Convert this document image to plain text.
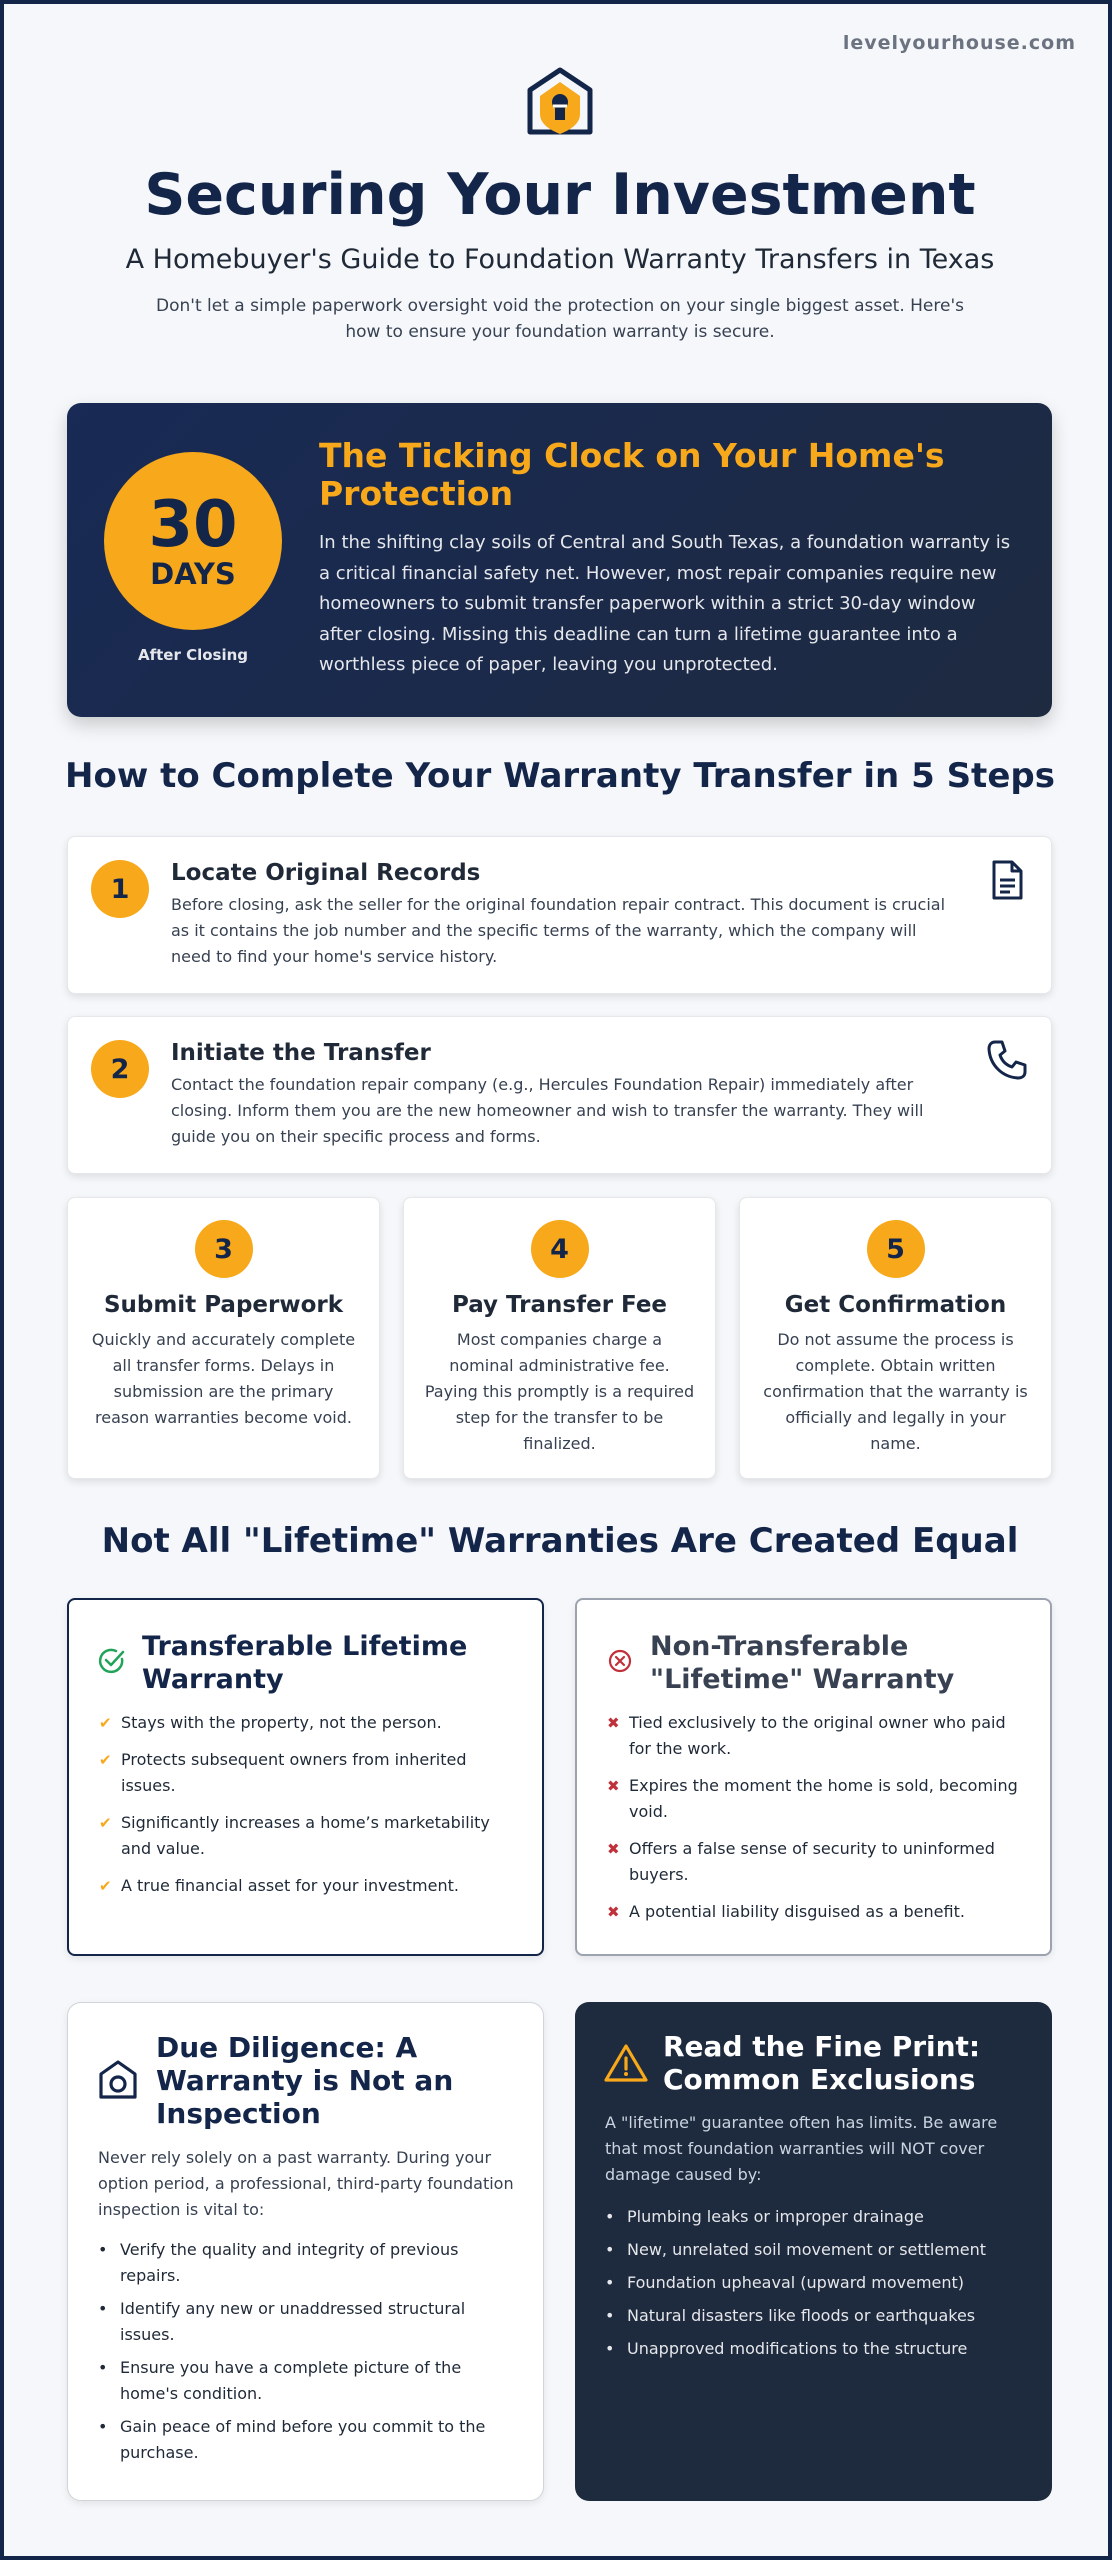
levelyourhouse.com
Securing Your Investment
A Homebuyer's Guide to Foundation Warranty Transfers in Texas
Don't let a simple paperwork oversight void the protection on your single biggest asset. Here's how to ensure your foundation warranty is secure.
30
DAYS
After Closing
The Ticking Clock on Your Home's Protection
In the shifting clay soils of Central and South Texas, a foundation warranty is a critical financial safety net. However, most repair companies require new homeowners to submit transfer paperwork within a strict 30-day window after closing. Missing this deadline can turn a lifetime guarantee into a worthless piece of paper, leaving you unprotected.
How to Complete Your Warranty Transfer in 5 Steps
1
Locate Original Records
Before closing, ask the seller for the original foundation repair contract. This document is crucial as it contains the job number and the specific terms of the warranty, which the company will need to find your home's service history.
2
Initiate the Transfer
Contact the foundation repair company (e.g., Hercules Foundation Repair) immediately after closing. Inform them you are the new homeowner and wish to transfer the warranty. They will guide you on their specific process and forms.
3
Submit Paperwork
Quickly and accurately complete all transfer forms. Delays in submission are the primary reason warranties become void.
4
Pay Transfer Fee
Most companies charge a nominal administrative fee. Paying this promptly is a required step for the transfer to be finalized.
5
Get Confirmation
Do not assume the process is complete. Obtain written confirmation that the warranty is officially and legally in your name.
Not All "Lifetime" Warranties Are Created Equal
Transferable Lifetime Warranty
✔ Stays with the property, not the person.
✔ Protects subsequent owners from inherited issues.
✔ Significantly increases a home’s marketability and value.
✔ A true financial asset for your investment.
Non-Transferable "Lifetime" Warranty
✖ Tied exclusively to the original owner who paid for the work.
✖ Expires the moment the home is sold, becoming void.
✖ Offers a false sense of security to uninformed buyers.
✖ A potential liability disguised as a benefit.
Due Diligence: A Warranty is Not an Inspection
Never rely solely on a past warranty. During your option period, a professional, third-party foundation inspection is vital to:
• Verify the quality and integrity of previous repairs.
• Identify any new or unaddressed structural issues.
• Ensure you have a complete picture of the home's condition.
• Gain peace of mind before you commit to the purchase.
Read the Fine Print: Common Exclusions
A "lifetime" guarantee often has limits. Be aware that most foundation warranties will NOT cover damage caused by:
• Plumbing leaks or improper drainage
• New, unrelated soil movement or settlement
• Foundation upheaval (upward movement)
• Natural disasters like floods or earthquakes
• Unapproved modifications to the structure
